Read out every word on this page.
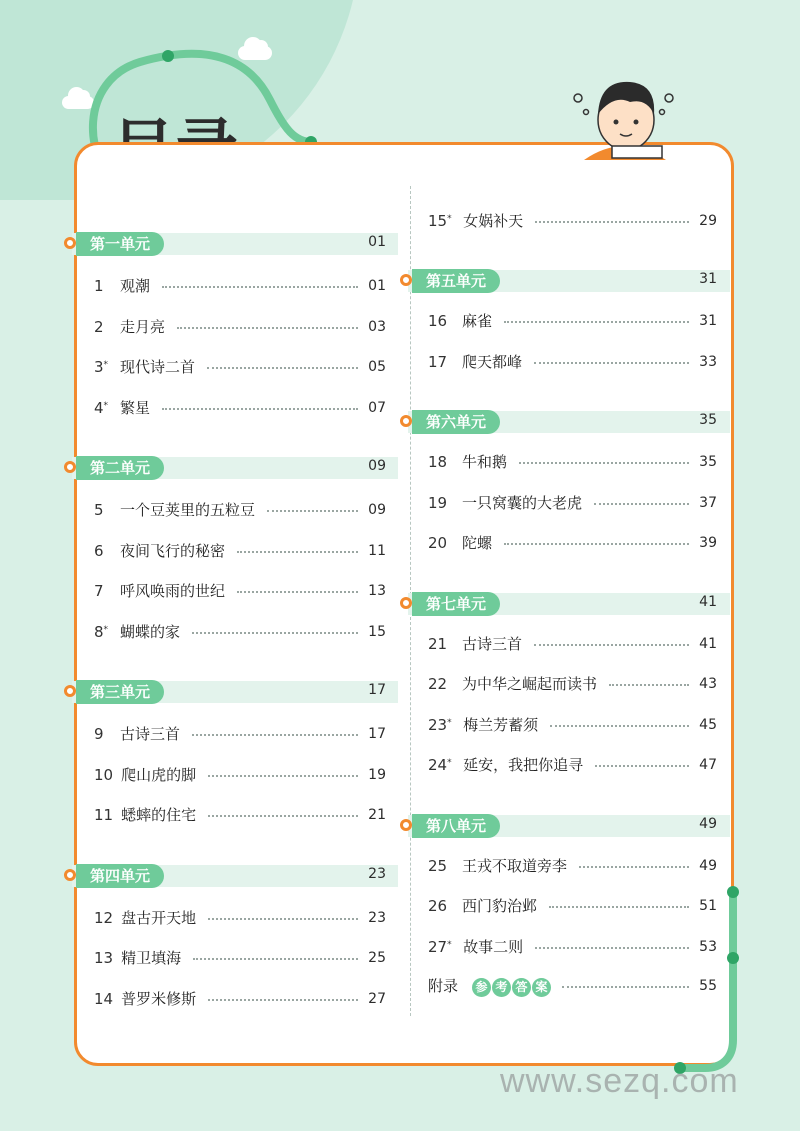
第一单元	01
1 观潮	01
2 走月亮	03
3* 现代诗二首	05
4* 繁星	07
第二单元	09
5 一个豆荚里的五粒豆	09
6 夜间飞行的秘密	11
7 呼风唤雨的世纪	13
8* 蝴蝶的家	15
第三单元	17
9 古诗三首	17
10 爬山虎的脚	19
11 蟋蟀的住宅	21
第四单元	23
12 盘古开天地	23
13 精卫填海	25
14 普罗米修斯	27
15* 女娲补天	29
第五单元	31
16 麻雀	31
17 爬天都峰	33
第六单元	35
18 牛和鹅	35
19 一只窝囊的大老虎	37
20 陀螺	39
第七单元	41
21 古诗三首	41
22 为中华之崛起而读书	43
23* 梅兰芳蓄须	45
24* 延安，我把你追寻	47
第八单元	49
25 王戎不取道旁李	49
26 西门豹治邺	51
27* 故事二则	53
附录 参 考 答 案	55
www.sezq.com
